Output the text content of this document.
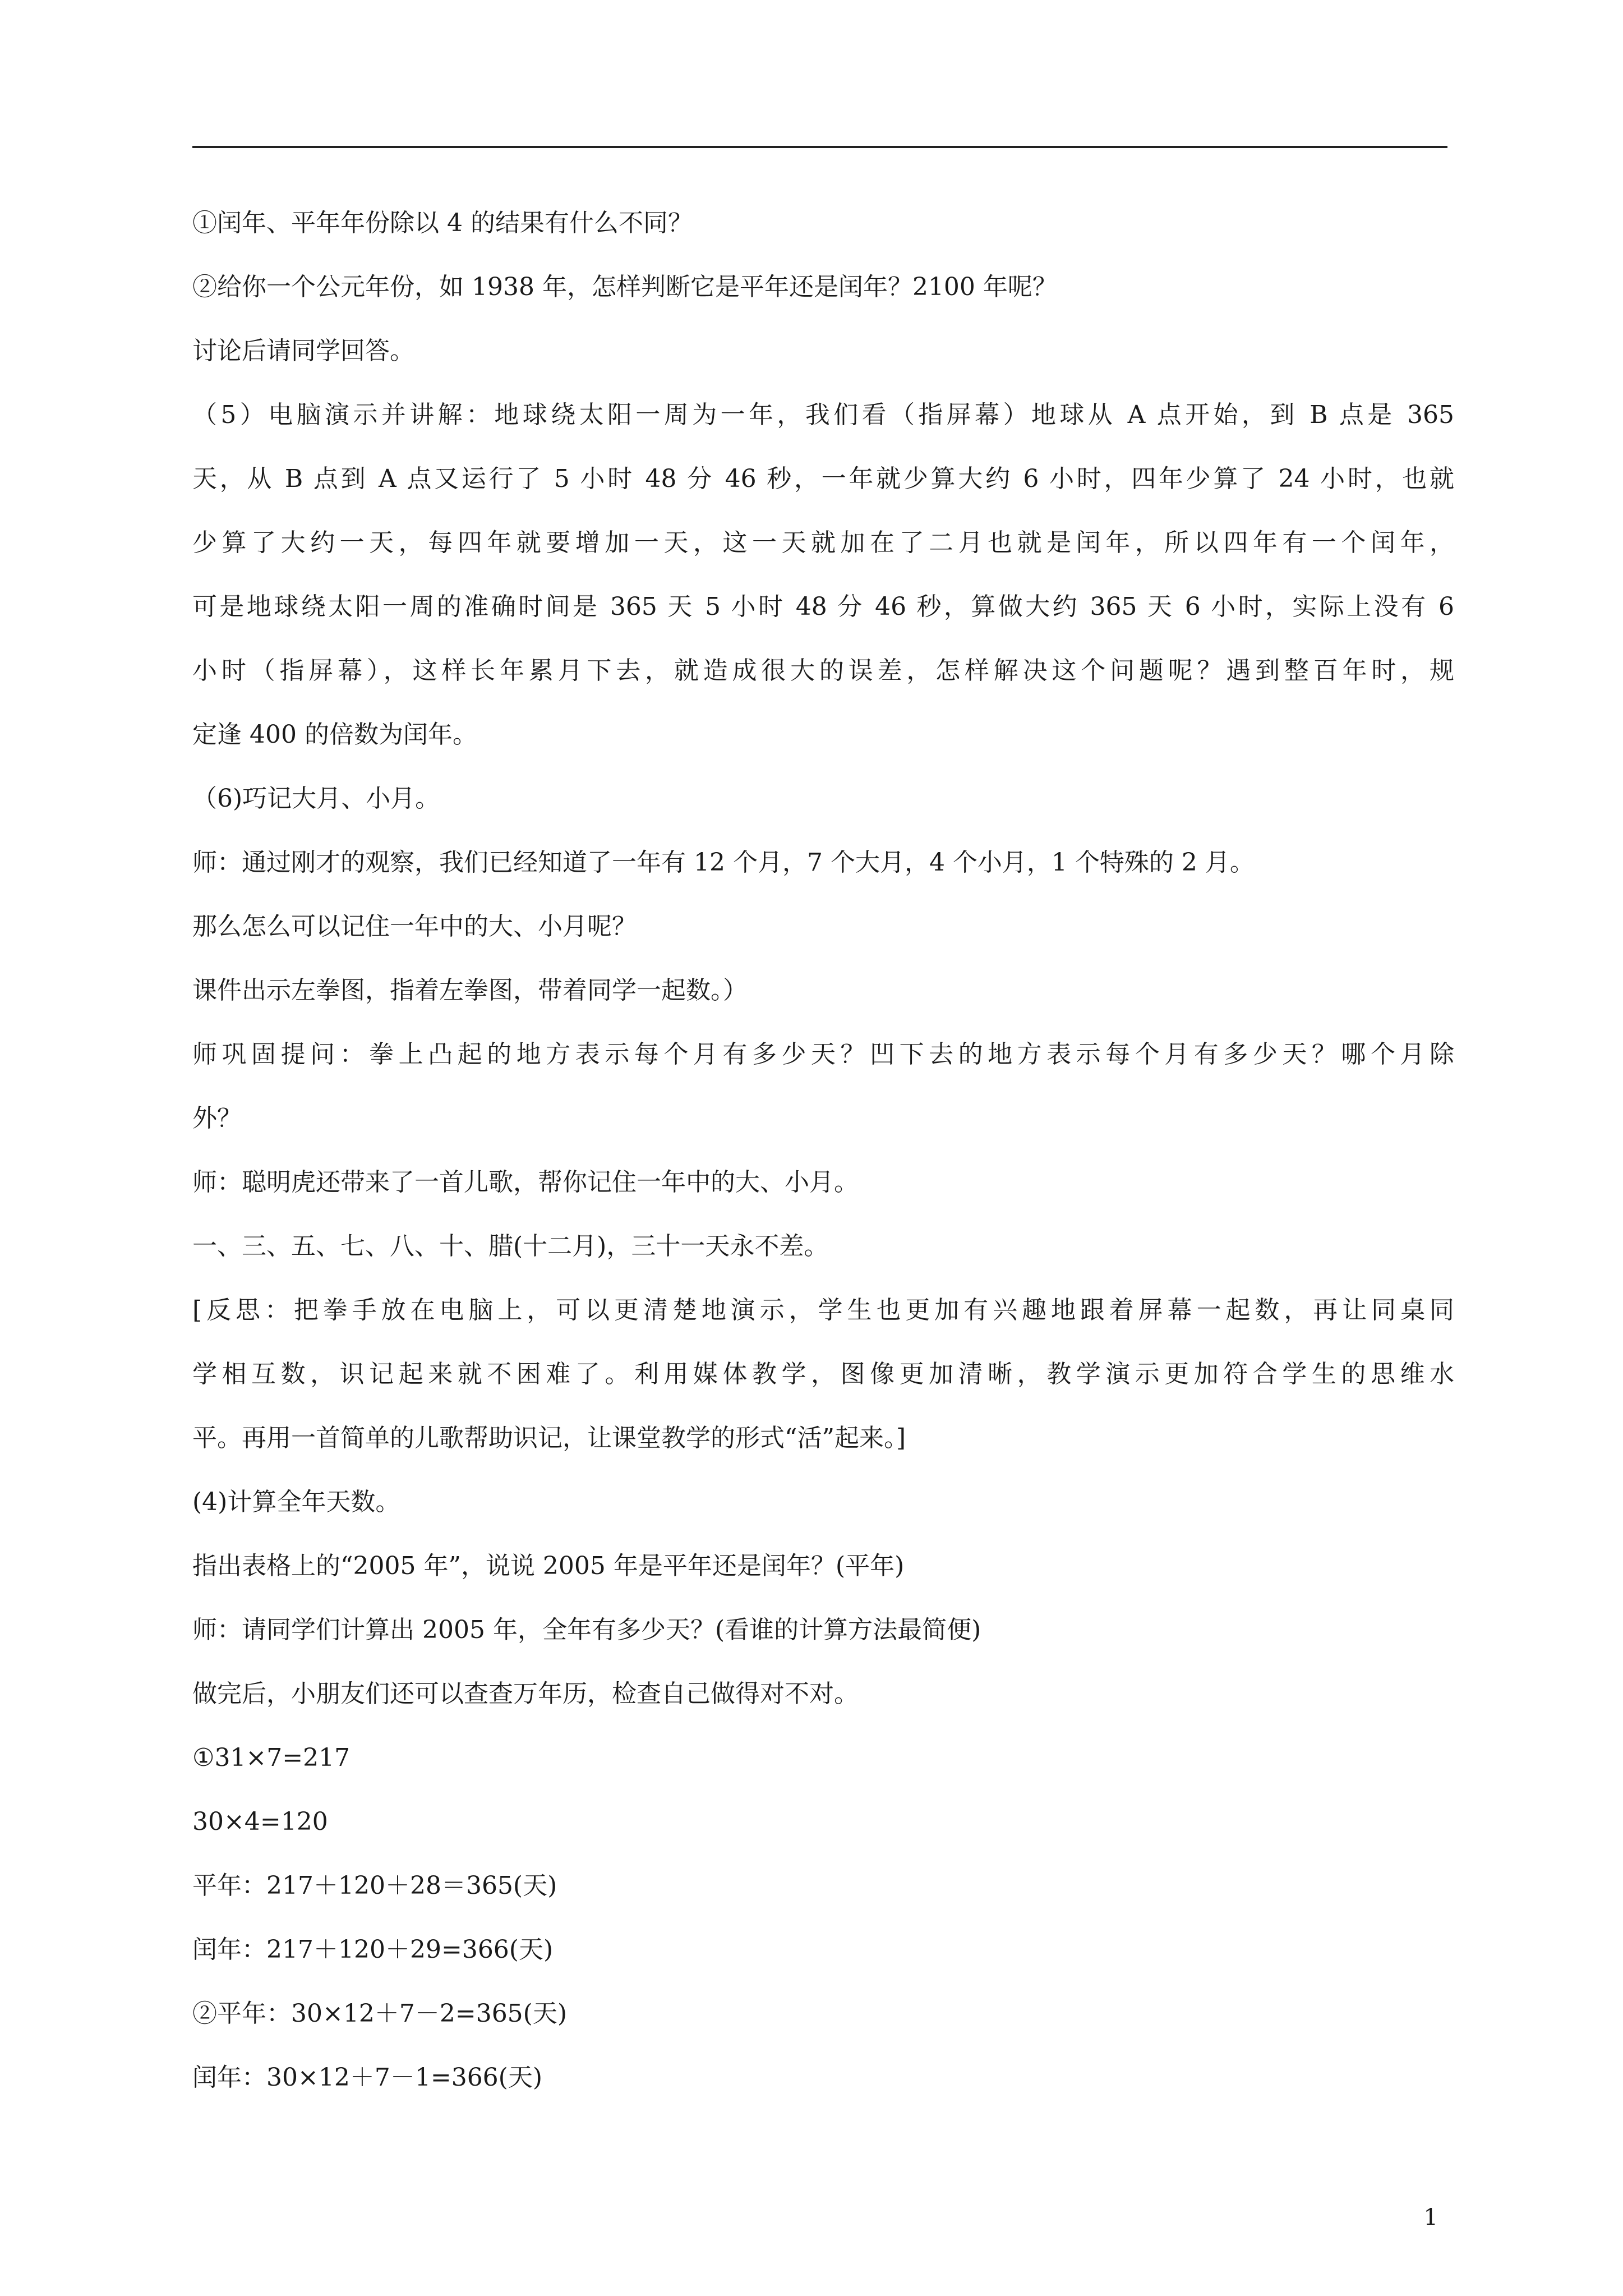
①闰年、平年年份除以 4 的结果有什么不同？
②给你一个公元年份，如 1938 年，怎样判断它是平年还是闰年？2100 年呢？
讨论后请同学回答。
（5）电脑演示并讲解：地球绕太阳一周为一年，我们看（指屏幕）地球从 A 点开始，到 B 点是 365
天，从 B 点到 A 点又运行了 5 小时 48 分 46 秒，一年就少算大约 6 小时，四年少算了 24 小时，也就
少算了大约一天，每四年就要增加一天，这一天就加在了二月也就是闰年，所以四年有一个闰年，
可是地球绕太阳一周的准确时间是 365 天 5 小时 48 分 46 秒，算做大约 365 天 6 小时，实际上没有 6
小时（指屏幕），这样长年累月下去，就造成很大的误差，怎样解决这个问题呢？遇到整百年时，规
定逢 400 的倍数为闰年。
（6)巧记大月、小月。
师：通过刚才的观察，我们已经知道了一年有 12 个月，7 个大月，4 个小月，1 个特殊的 2 月。
那么怎么可以记住一年中的大、小月呢？
课件出示左拳图，指着左拳图，带着同学一起数。）
师巩固提问：拳上凸起的地方表示每个月有多少天？凹下去的地方表示每个月有多少天？哪个月除
外？
师：聪明虎还带来了一首儿歌，帮你记住一年中的大、小月。
一、三、五、七、八、十、腊(十二月)，三十一天永不差。
[反思：把拳手放在电脑上，可以更清楚地演示，学生也更加有兴趣地跟着屏幕一起数，再让同桌同
学相互数，识记起来就不困难了。利用媒体教学，图像更加清晰，教学演示更加符合学生的思维水
平。再用一首简单的儿歌帮助识记，让课堂教学的形式“活”起来。]
(4)计算全年天数。
指出表格上的“2005 年”，说说 2005 年是平年还是闰年？(平年)
师：请同学们计算出 2005 年，全年有多少天？(看谁的计算方法最简便)
做完后，小朋友们还可以查查万年历，检查自己做得对不对。
①31×7=217
30×4=120
平年：217＋120＋28＝365(天)
闰年：217＋120＋29=366(天)
②平年：30×12＋7－2=365(天)
闰年：30×12＋7－1=366(天)
1
